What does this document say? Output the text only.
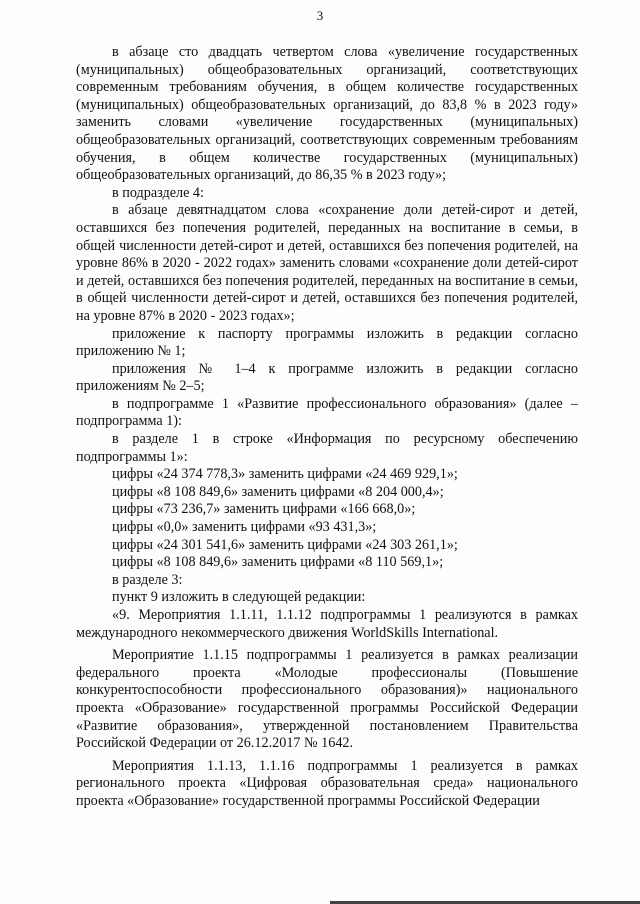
3

в абзаце сто двадцать четвертом слова «увеличение государственных (муниципальных) общеобразовательных организаций, соответствующих современным требованиям обучения, в общем количестве государственных (муниципальных) общеобразовательных организаций, до 83,8 % в 2023 году» заменить словами «увеличение государственных (муниципальных) общеобразовательных организаций, соответствующих современным требованиям обучения, в общем количестве государственных (муниципальных) общеобразовательных организаций, до 86,35 % в 2023 году»;

в подразделе 4:

в абзаце девятнадцатом слова «сохранение доли детей-сирот и детей, оставшихся без попечения родителей, переданных на воспитание в семьи, в общей численности детей-сирот и детей, оставшихся без попечения родителей, на уровне 86% в 2020 - 2022 годах» заменить словами «сохранение доли детей-сирот и детей, оставшихся без попечения родителей, переданных на воспитание в семьи, в общей численности детей-сирот и детей, оставшихся без попечения родителей, на уровне 87% в 2020 - 2023 годах»;

приложение к паспорту программы изложить в редакции согласно приложению № 1;

приложения № 1–4 к программе изложить в редакции согласно приложениям № 2–5;

в подпрограмме 1 «Развитие профессионального образования» (далее – подпрограмма 1):

в разделе 1 в строке «Информация по ресурсному обеспечению подпрограммы 1»:

цифры «24 374 778,3» заменить цифрами «24 469 929,1»;

цифры «8 108 849,6» заменить цифрами «8 204 000,4»;

цифры «73 236,7» заменить цифрами «166 668,0»;

цифры «0,0» заменить цифрами «93 431,3»;

цифры «24 301 541,6» заменить цифрами «24 303 261,1»;

цифры «8 108 849,6» заменить цифрами «8 110 569,1»;

в разделе 3:

пункт 9 изложить в следующей редакции:

«9. Мероприятия 1.1.11, 1.1.12 подпрограммы 1 реализуются в рамках международного некоммерческого движения WorldSkills International.

Мероприятие 1.1.15 подпрограммы 1 реализуется в рамках реализации федерального проекта «Молодые профессионалы (Повышение конкурентоспособности профессионального образования)» национального проекта «Образование» государственной программы Российской Федерации «Развитие образования», утвержденной постановлением Правительства Российской Федерации от 26.12.2017 № 1642.

Мероприятия 1.1.13, 1.1.16 подпрограммы 1 реализуется в рамках регионального проекта «Цифровая образовательная среда» национального проекта «Образование» государственной программы Российской Федерации
